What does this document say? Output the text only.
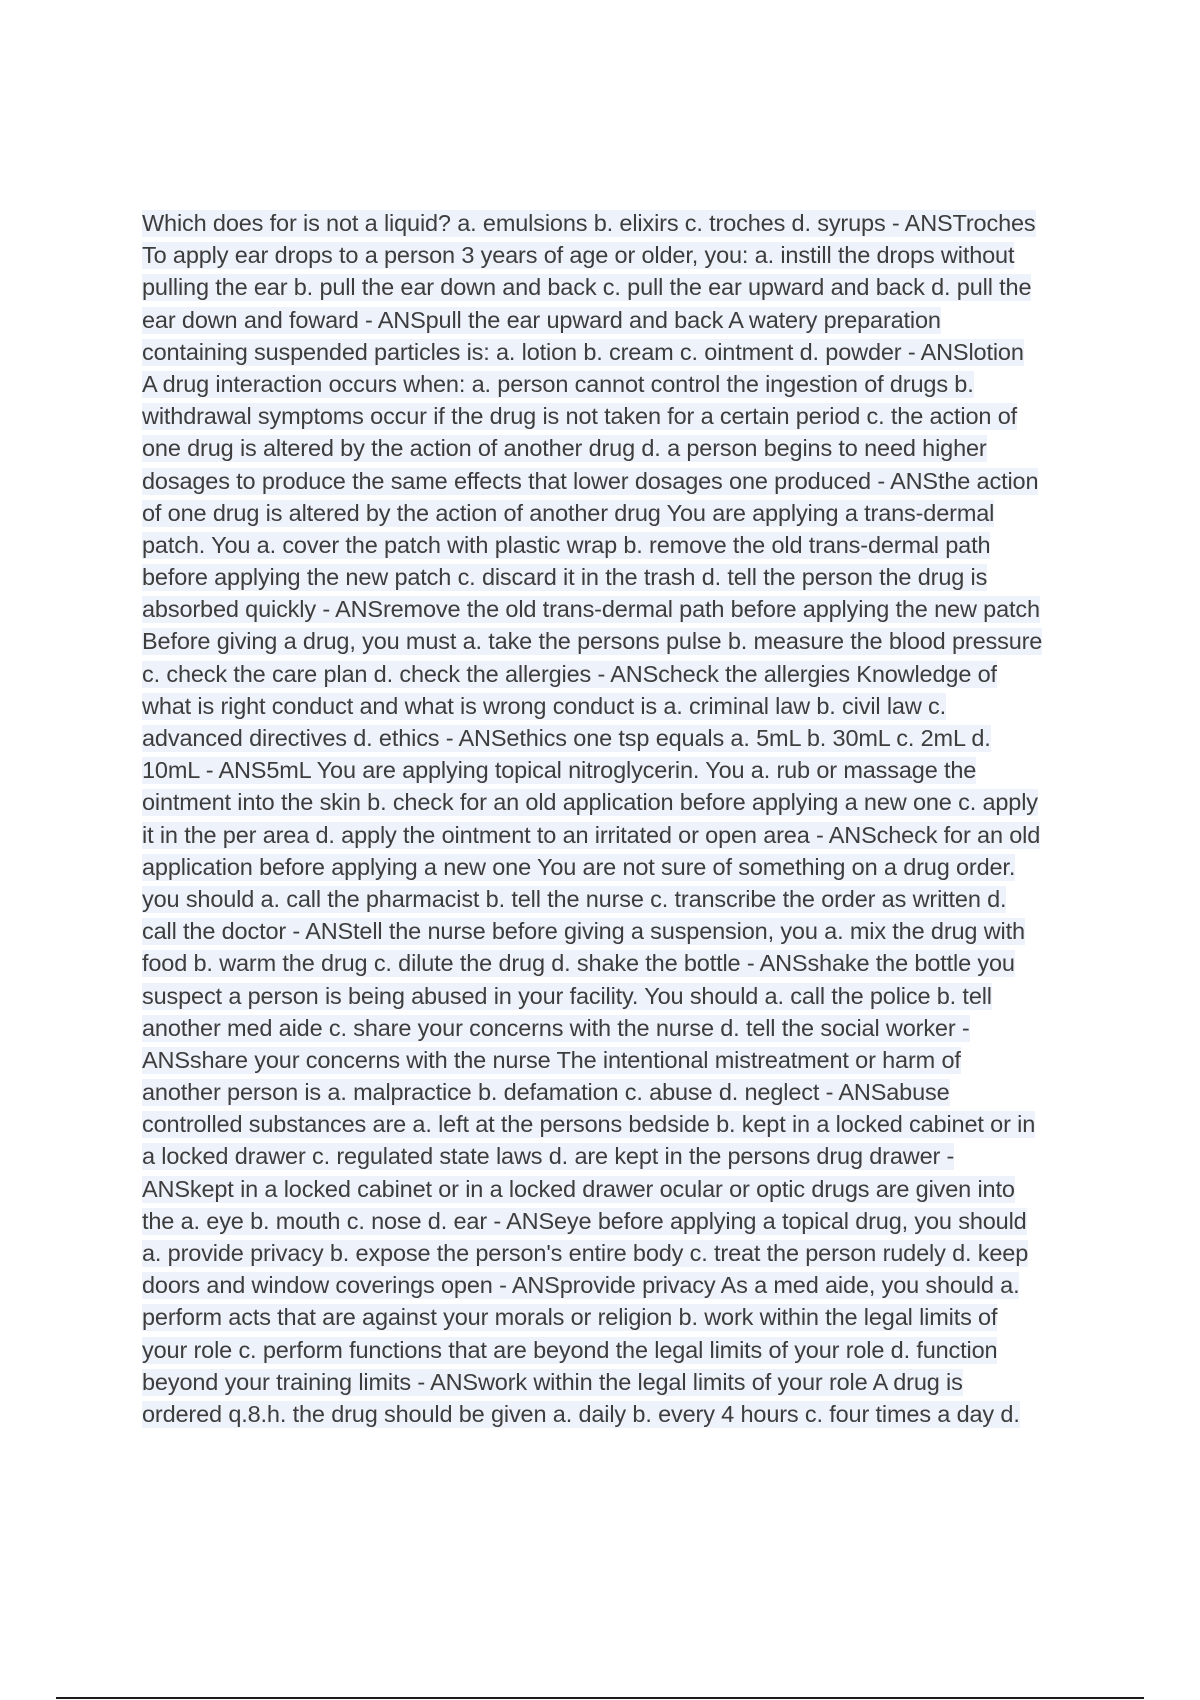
Which does for is not a liquid? a. emulsions b. elixirs c. troches d. syrups - ANSTroches
To apply ear drops to a person 3 years of age or older, you: a. instill the drops without
pulling the ear b. pull the ear down and back c. pull the ear upward and back d. pull the
ear down and foward - ANSpull the ear upward and back A watery preparation
containing suspended particles is: a. lotion b. cream c. ointment d. powder - ANSlotion
A drug interaction occurs when: a. person cannot control the ingestion of drugs b.
withdrawal symptoms occur if the drug is not taken for a certain period c. the action of
one drug is altered by the action of another drug d. a person begins to need higher
dosages to produce the same effects that lower dosages one produced - ANSthe action
of one drug is altered by the action of another drug You are applying a trans-dermal
patch. You a. cover the patch with plastic wrap b. remove the old trans-dermal path
before applying the new patch c. discard it in the trash d. tell the person the drug is
absorbed quickly - ANSremove the old trans-dermal path before applying the new patch
Before giving a drug, you must a. take the persons pulse b. measure the blood pressure
c. check the care plan d. check the allergies - ANScheck the allergies Knowledge of
what is right conduct and what is wrong conduct is a. criminal law b. civil law c.
advanced directives d. ethics - ANSethics one tsp equals a. 5mL b. 30mL c. 2mL d.
10mL - ANS5mL You are applying topical nitroglycerin. You a. rub or massage the
ointment into the skin b. check for an old application before applying a new one c. apply
it in the per area d. apply the ointment to an irritated or open area - ANScheck for an old
application before applying a new one You are not sure of something on a drug order.
you should a. call the pharmacist b. tell the nurse c. transcribe the order as written d.
call the doctor - ANStell the nurse before giving a suspension, you a. mix the drug with
food b. warm the drug c. dilute the drug d. shake the bottle - ANSshake the bottle you
suspect a person is being abused in your facility. You should a. call the police b. tell
another med aide c. share your concerns with the nurse d. tell the social worker -
ANSshare your concerns with the nurse The intentional mistreatment or harm of
another person is a. malpractice b. defamation c. abuse d. neglect - ANSabuse
controlled substances are a. left at the persons bedside b. kept in a locked cabinet or in
a locked drawer c. regulated state laws d. are kept in the persons drug drawer -
ANSkept in a locked cabinet or in a locked drawer ocular or optic drugs are given into
the a. eye b. mouth c. nose d. ear - ANSeye before applying a topical drug, you should
a. provide privacy b. expose the person's entire body c. treat the person rudely d. keep
doors and window coverings open - ANSprovide privacy As a med aide, you should a.
perform acts that are against your morals or religion b. work within the legal limits of
your role c. perform functions that are beyond the legal limits of your role d. function
beyond your training limits - ANSwork within the legal limits of your role A drug is
ordered q.8.h. the drug should be given a. daily b. every 4 hours c. four times a day d.
